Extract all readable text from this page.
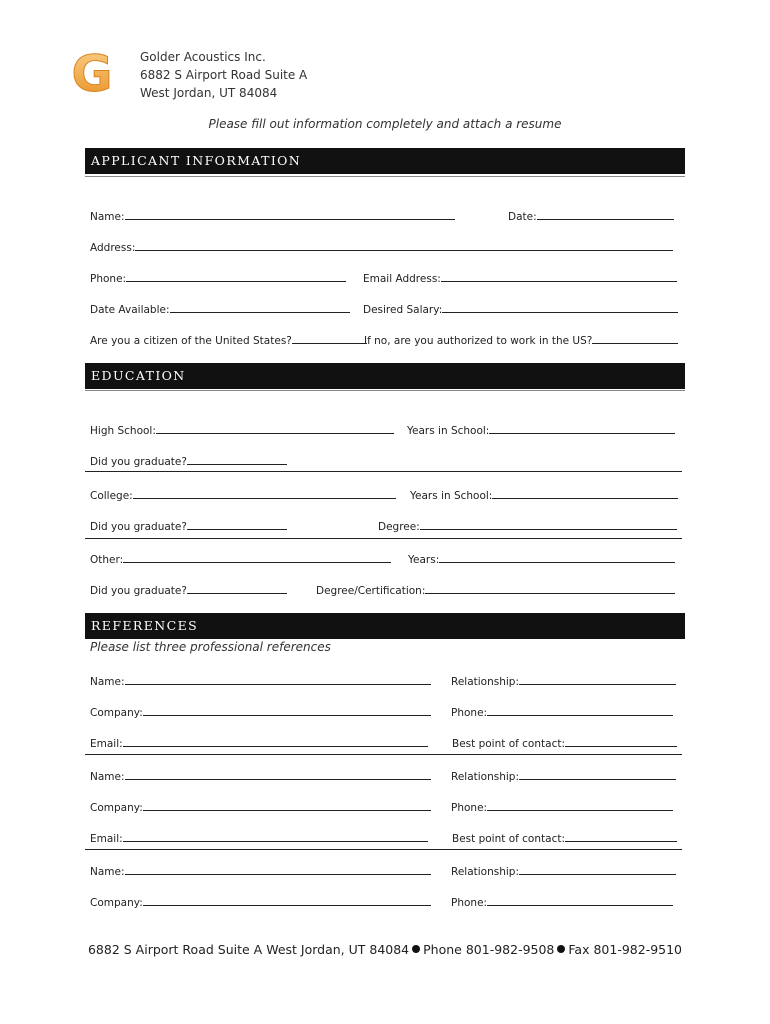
G Golder Acoustics Inc.
6882 S Airport Road Suite A
West Jordan, UT 84084
Please fill out information completely and attach a resume
APPLICANT INFORMATION
Name:	Date:
Address:
Phone:	Email Address:
Date Available:	Desired Salary:
Are you a citizen of the United States?	If no, are you authorized to work in the US?
EDUCATION
High School:	Years in School:
Did you graduate?
College:	Years in School:
Did you graduate?	Degree:
Other:	Years:
Did you graduate?	Degree/Certification:
REFERENCES
Please list three professional references
Name:	Relationship:
Company:	Phone:
Email:	Best point of contact:
Name:	Relationship:
Company:	Phone:
Email:	Best point of contact:
Name:	Relationship:
Company:	Phone:
6882 S Airport Road Suite A West Jordan, UT 84084 Phone 801-982-9508 Fax 801-982-9510
